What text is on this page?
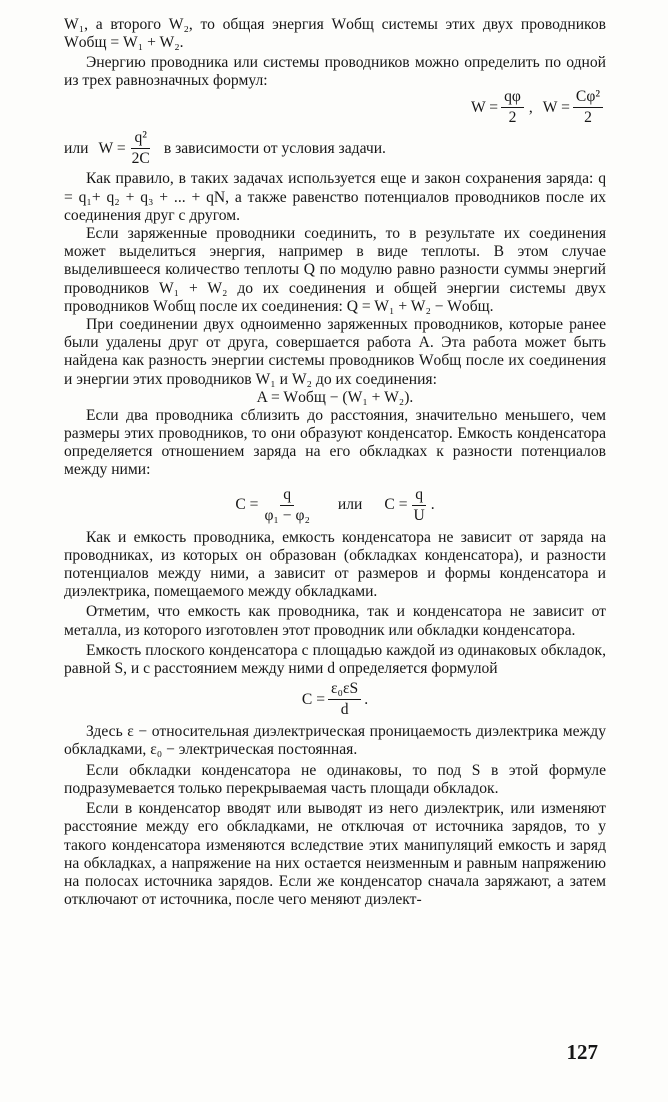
W₁, а второго W₂, то общая энергия Wобщ системы этих двух проводников Wобщ = W₁ + W₂.

Энергию проводника или системы проводников можно определить по одной из трех равнозначных формул:

$W = \frac{q\varphi}{2}$ , $W = \frac{\text{Cφ²}}{2}$
или $W = \frac{\text{q²}}{2C}$ в зависимости от условия задачи.

Как правило, в таких задачах используется еще и закон сохранения заряда: q = q₁+ q₂ + q₃ + ... + qN, а также равенство потенциалов проводников после их соединения друг с другом.

Если заряженные проводники соединить, то в результате их соединения может выделиться энергия, например в виде теплоты. В этом случае выделившееся количество теплоты Q по модулю равно разности суммы энергий проводников W₁ + W₂ до их соединения и общей энергии системы двух проводников Wобщ после их соединения: Q = W₁ + W₂ − Wобщ.

При соединении двух одноименно заряженных проводников, которые ранее были удалены друг от друга, совершается работа A. Эта работа может быть найдена как разность энергии системы проводников Wобщ после их соединения и энергии этих проводников W₁ и W₂ до их соединения:

A = Wобщ − (W₁ + W₂).

Если два проводника сблизить до расстояния, значительно меньшего, чем размеры этих проводников, то они образуют конденсатор. Емкость конденсатора определяется отношением заряда на его обкладках к разности потенциалов между ними:

$C = \frac{q}{\text{φ₁ − φ₂}}$ или $C = \frac{q}{U}$ .

Как и емкость проводника, емкость конденсатора не зависит от заряда на проводниках, из которых он образован (обкладках конденсатора), и разности потенциалов между ними, а зависит от размеров и формы конденсатора и диэлектрика, помещаемого между обкладками.

Отметим, что емкость как проводника, так и конденсатора не зависит от металла, из которого изготовлен этот проводник или обкладки конденсатора.

Емкость плоского конденсатора с площадью каждой из одинаковых обкладок, равной S, и с расстоянием между ними d определяется формулой

$C = \frac{\text{ε₀εS}}{d}$ .

Здесь ε − относительная диэлектрическая проницаемость диэлектрика между обкладками, ε₀ − электрическая постоянная.

Если обкладки конденсатора не одинаковы, то под S в этой формуле подразумевается только перекрываемая часть площади обкладок.

Если в конденсатор вводят или выводят из него диэлектрик, или изменяют расстояние между его обкладками, не отключая от источника зарядов, то у такого конденсатора изменяются вследствие этих манипуляций емкость и заряд на обкладках, а напряжение на них остается неизменным и равным напряжению на полосах источника зарядов. Если же конденсатор сначала заряжают, а затем отключают от источника, после чего меняют диэлект-

127
